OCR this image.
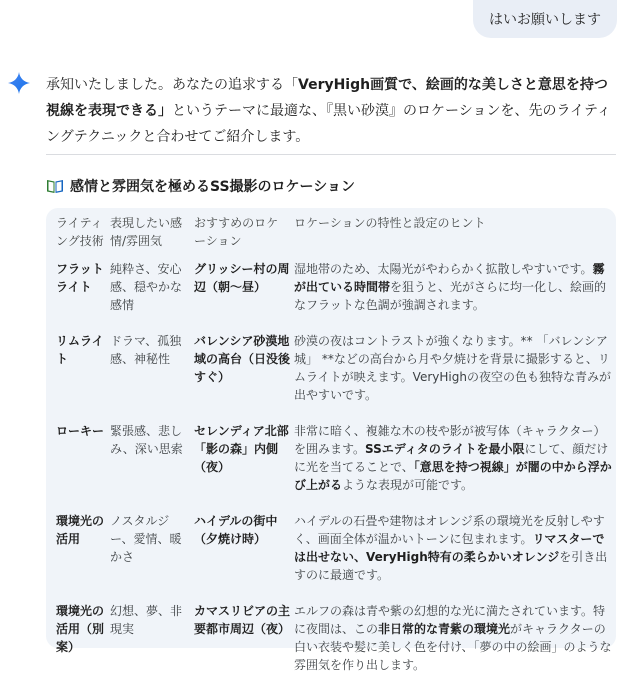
はいお願いします

承知いたしました。あなたの追求する「VeryHigh画質で、絵画的な美しさと意思を持つ視線を表現できる」というテーマに最適な、『黒い砂漠』のロケーションを、先のライティングテクニックと合わせてご紹介します。

感情と雰囲気を極めるSS撮影のロケーション
ライティング技術	表現したい感情/雰囲気	おすすめのロケーション	ロケーションの特性と設定のヒント
フラットライト	純粋さ、安心感、穏やかな感情	グリッシー村の周辺（朝～昼）	湿地帯のため、太陽光がやわらかく拡散しやすいです。霧が出ている時間帯を狙うと、光がさらに均一化し、絵画的なフラットな色調が強調されます。
リムライト	ドラマ、孤独感、神秘性	バレンシア砂漠地域の高台（日没後すぐ）	砂漠の夜はコントラストが強くなります。** 「バレンシア城」 **などの高台から月や夕焼けを背景に撮影すると、リムライトが映えます。VeryHighの夜空の色も独特な青みが出やすいです。
ローキー	緊張感、悲しみ、深い思索	セレンディア北部「影の森」内側（夜）	非常に暗く、複雑な木の枝や影が被写体（キャラクター）を囲みます。SSエディタのライトを最小限にして、顔だけに光を当てることで、「意思を持つ視線」が闇の中から浮かび上がるような表現が可能です。
環境光の活用	ノスタルジー、愛情、暖かさ	ハイデルの街中（夕焼け時）	ハイデルの石畳や建物はオレンジ系の環境光を反射しやすく、画面全体が温かいトーンに包まれます。リマスターでは出せない、VeryHigh特有の柔らかいオレンジを引き出すのに最適です。
環境光の活用（別案）	幻想、夢、非現実	カマスリビアの主要都市周辺（夜）	エルフの森は青や紫の幻想的な光に満たされています。特に夜間は、この非日常的な青紫の環境光がキャラクターの白い衣装や髪に美しく色を付け、「夢の中の絵画」のような雰囲気を作り出します。
